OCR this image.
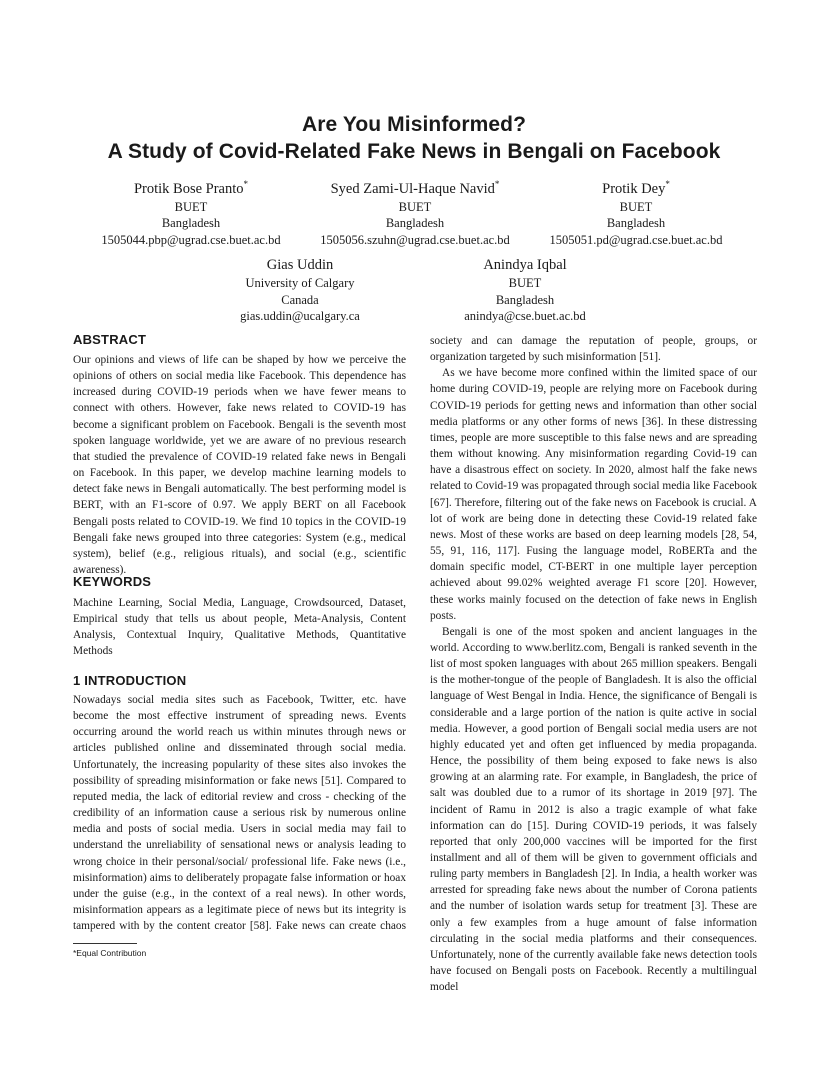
Are You Misinformed?
A Study of Covid-Related Fake News in Bengali on Facebook
Protik Bose Pranto*
BUET
Bangladesh
1505044.pbp@ugrad.cse.buet.ac.bd
Syed Zami-Ul-Haque Navid*
BUET
Bangladesh
1505056.szuhn@ugrad.cse.buet.ac.bd
Protik Dey*
BUET
Bangladesh
1505051.pd@ugrad.cse.buet.ac.bd
Gias Uddin
University of Calgary
Canada
gias.uddin@ucalgary.ca
Anindya Iqbal
BUET
Bangladesh
anindya@cse.buet.ac.bd
ABSTRACT

Our opinions and views of life can be shaped by how we perceive the opinions of others on social media like Facebook. This dependence has increased during COVID-19 periods when we have fewer means to connect with others. However, fake news related to COVID-19 has become a significant problem on Facebook. Bengali is the seventh most spoken language worldwide, yet we are aware of no previous research that studied the prevalence of COVID-19 related fake news in Bengali on Facebook. In this paper, we develop machine learning models to detect fake news in Bengali automatically. The best performing model is BERT, with an F1-score of 0.97. We apply BERT on all Facebook Bengali posts related to COVID-19. We find 10 topics in the COVID-19 Bengali fake news grouped into three categories: System (e.g., medical system), belief (e.g., religious rituals), and social (e.g., scientific awareness).

KEYWORDS

Machine Learning, Social Media, Language, Crowdsourced, Dataset, Empirical study that tells us about people, Meta-Analysis, Content Analysis, Contextual Inquiry, Qualitative Methods, Quantitative Methods

1 INTRODUCTION

Nowadays social media sites such as Facebook, Twitter, etc. have become the most effective instrument of spreading news. Events occurring around the world reach us within minutes through news or articles published online and disseminated through social media. Unfortunately, the increasing popularity of these sites also invokes the possibility of spreading misinformation or fake news [51]. Compared to reputed media, the lack of editorial review and cross - checking of the credibility of an information cause a serious risk by numerous online media and posts of social media. Users in social media may fail to understand the unreliability of sensational news or analysis leading to wrong choice in their personal/social/ professional life. Fake news (i.e., misinformation) aims to deliberately propagate false information or hoax under the guise (e.g., in the context of a real news). In other words, misinformation appears as a legitimate piece of news but its integrity is tampered with by the content creator [58]. Fake news can create chaos

society and can damage the reputation of people, groups, or organization targeted by such misinformation [51].

As we have become more confined within the limited space of our home during COVID-19, people are relying more on Facebook during COVID-19 periods for getting news and information than other social media platforms or any other forms of news [36]. In these distressing times, people are more susceptible to this false news and are spreading them without knowing. Any misinformation regarding Covid-19 can have a disastrous effect on society. In 2020, almost half the fake news related to Covid-19 was propagated through social media like Facebook [67]. Therefore, filtering out of the fake news on Facebook is crucial. A lot of work are being done in detecting these Covid-19 related fake news. Most of these works are based on deep learning models [28, 54, 55, 91, 116, 117]. Fusing the language model, RoBERTa and the domain specific model, CT-BERT in one multiple layer perception achieved about 99.02% weighted average F1 score [20]. However, these works mainly focused on the detection of fake news in English posts.

Bengali is one of the most spoken and ancient languages in the world. According to www.berlitz.com, Bengali is ranked seventh in the list of most spoken languages with about 265 million speakers. Bengali is the mother-tongue of the people of Bangladesh. It is also the official language of West Bengal in India. Hence, the significance of Bengali is considerable and a large portion of the nation is quite active in social media. However, a good portion of Bengali social media users are not highly educated yet and often get influenced by media propaganda. Hence, the possibility of them being exposed to fake news is also growing at an alarming rate. For example, in Bangladesh, the price of salt was doubled due to a rumor of its shortage in 2019 [97]. The incident of Ramu in 2012 is also a tragic example of what fake information can do [15]. During COVID-19 periods, it was falsely reported that only 200,000 vaccines will be imported for the first installment and all of them will be given to government officials and ruling party members in Bangladesh [2]. In India, a health worker was arrested for spreading fake news about the number of Corona patients and the number of isolation wards setup for treatment [3]. These are only a few examples from a huge amount of false information circulating in the social media platforms and their consequences. Unfortunately, none of the currently available fake news detection tools have focused on Bengali posts on Facebook. Recently a multilingual model

*Equal Contribution
